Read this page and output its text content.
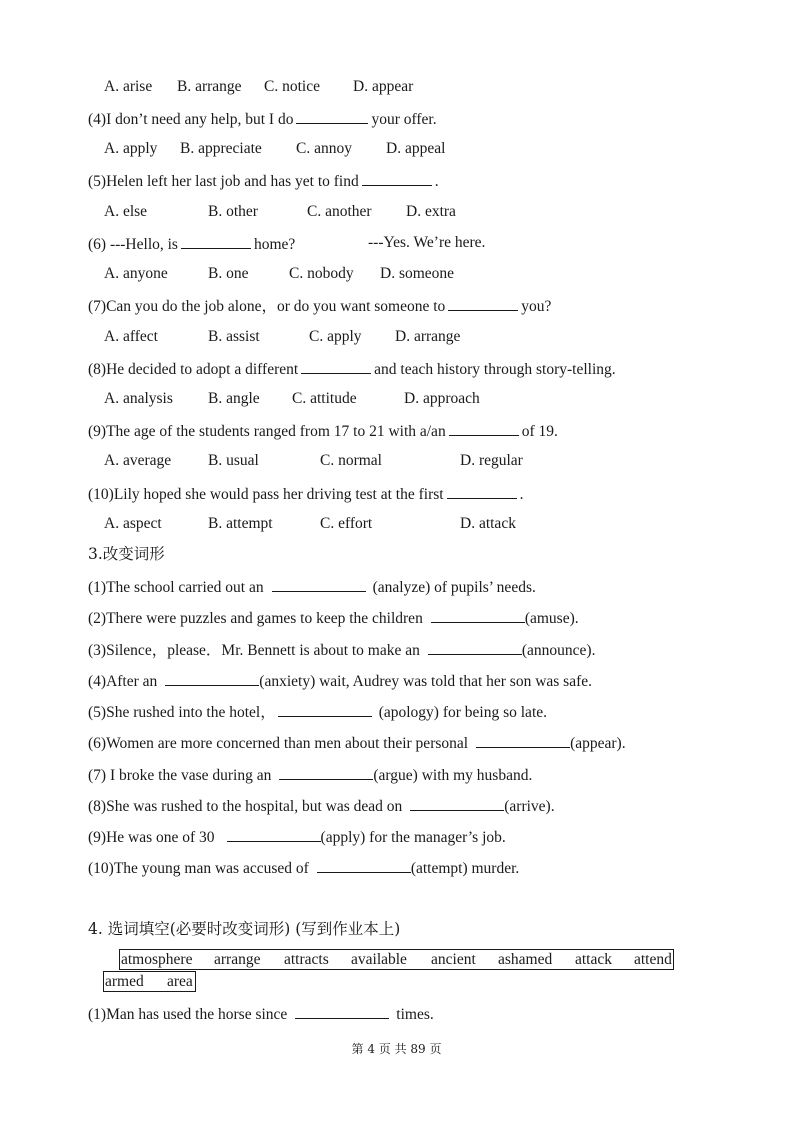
A. arise B. arrange C. notice D. appear
(4)I don’t need any help, but I do	your offer.
A. apply B. appreciate C. annoy D. appeal
(5)Helen left her last job and has yet to find	.
A. else	B. other	C. another D. extra
(6) ---Hello, is	home?	---Yes. We’re here.
A. anyone	B. one	C. nobody D. someone
(7)Can you do the job alone，or do you want someone to	you?
A. affect	B. assist	C. apply D. arrange
(8)He decided to adopt a different	and teach history through story-telling.
A. analysis B. angle C. attitude	D. approach
(9)The age of the students ranged from 17 to 21 with a/an	of 19.
A. average B. usual	C. normal	D. regular
(10)Lily hoped she would pass her driving test at the first	.
A. aspect	B. attempt	C. effort	D. attack
3.改变词形
(1)The school carried out an	(analyze) of pupils’ needs.
(2)There were puzzles and games to keep the children	(amuse).
(3)Silence，please．Mr. Bennett is about to make an	(announce).
(4)After an	(anxiety) wait, Audrey was told that her son was safe.
(5)She rushed into the hotel，	(apology) for being so late.
(6)Women are more concerned than men about their personal	(appear).
(7) I broke the vase during an	(argue) with my husband.
(8)She was rushed to the hospital, but was dead on	(arrive).
(9)He was one of 30	(apply) for the manager’s job.
(10)The young man was accused of	(attempt) murder.
4. 选词填空(必要时改变词形) (写到作业本上)
atmosphere arrange attracts available ancient ashamed attack attend
armed area
(1)Man has used the horse since	times.
第 4 页 共 89 页
